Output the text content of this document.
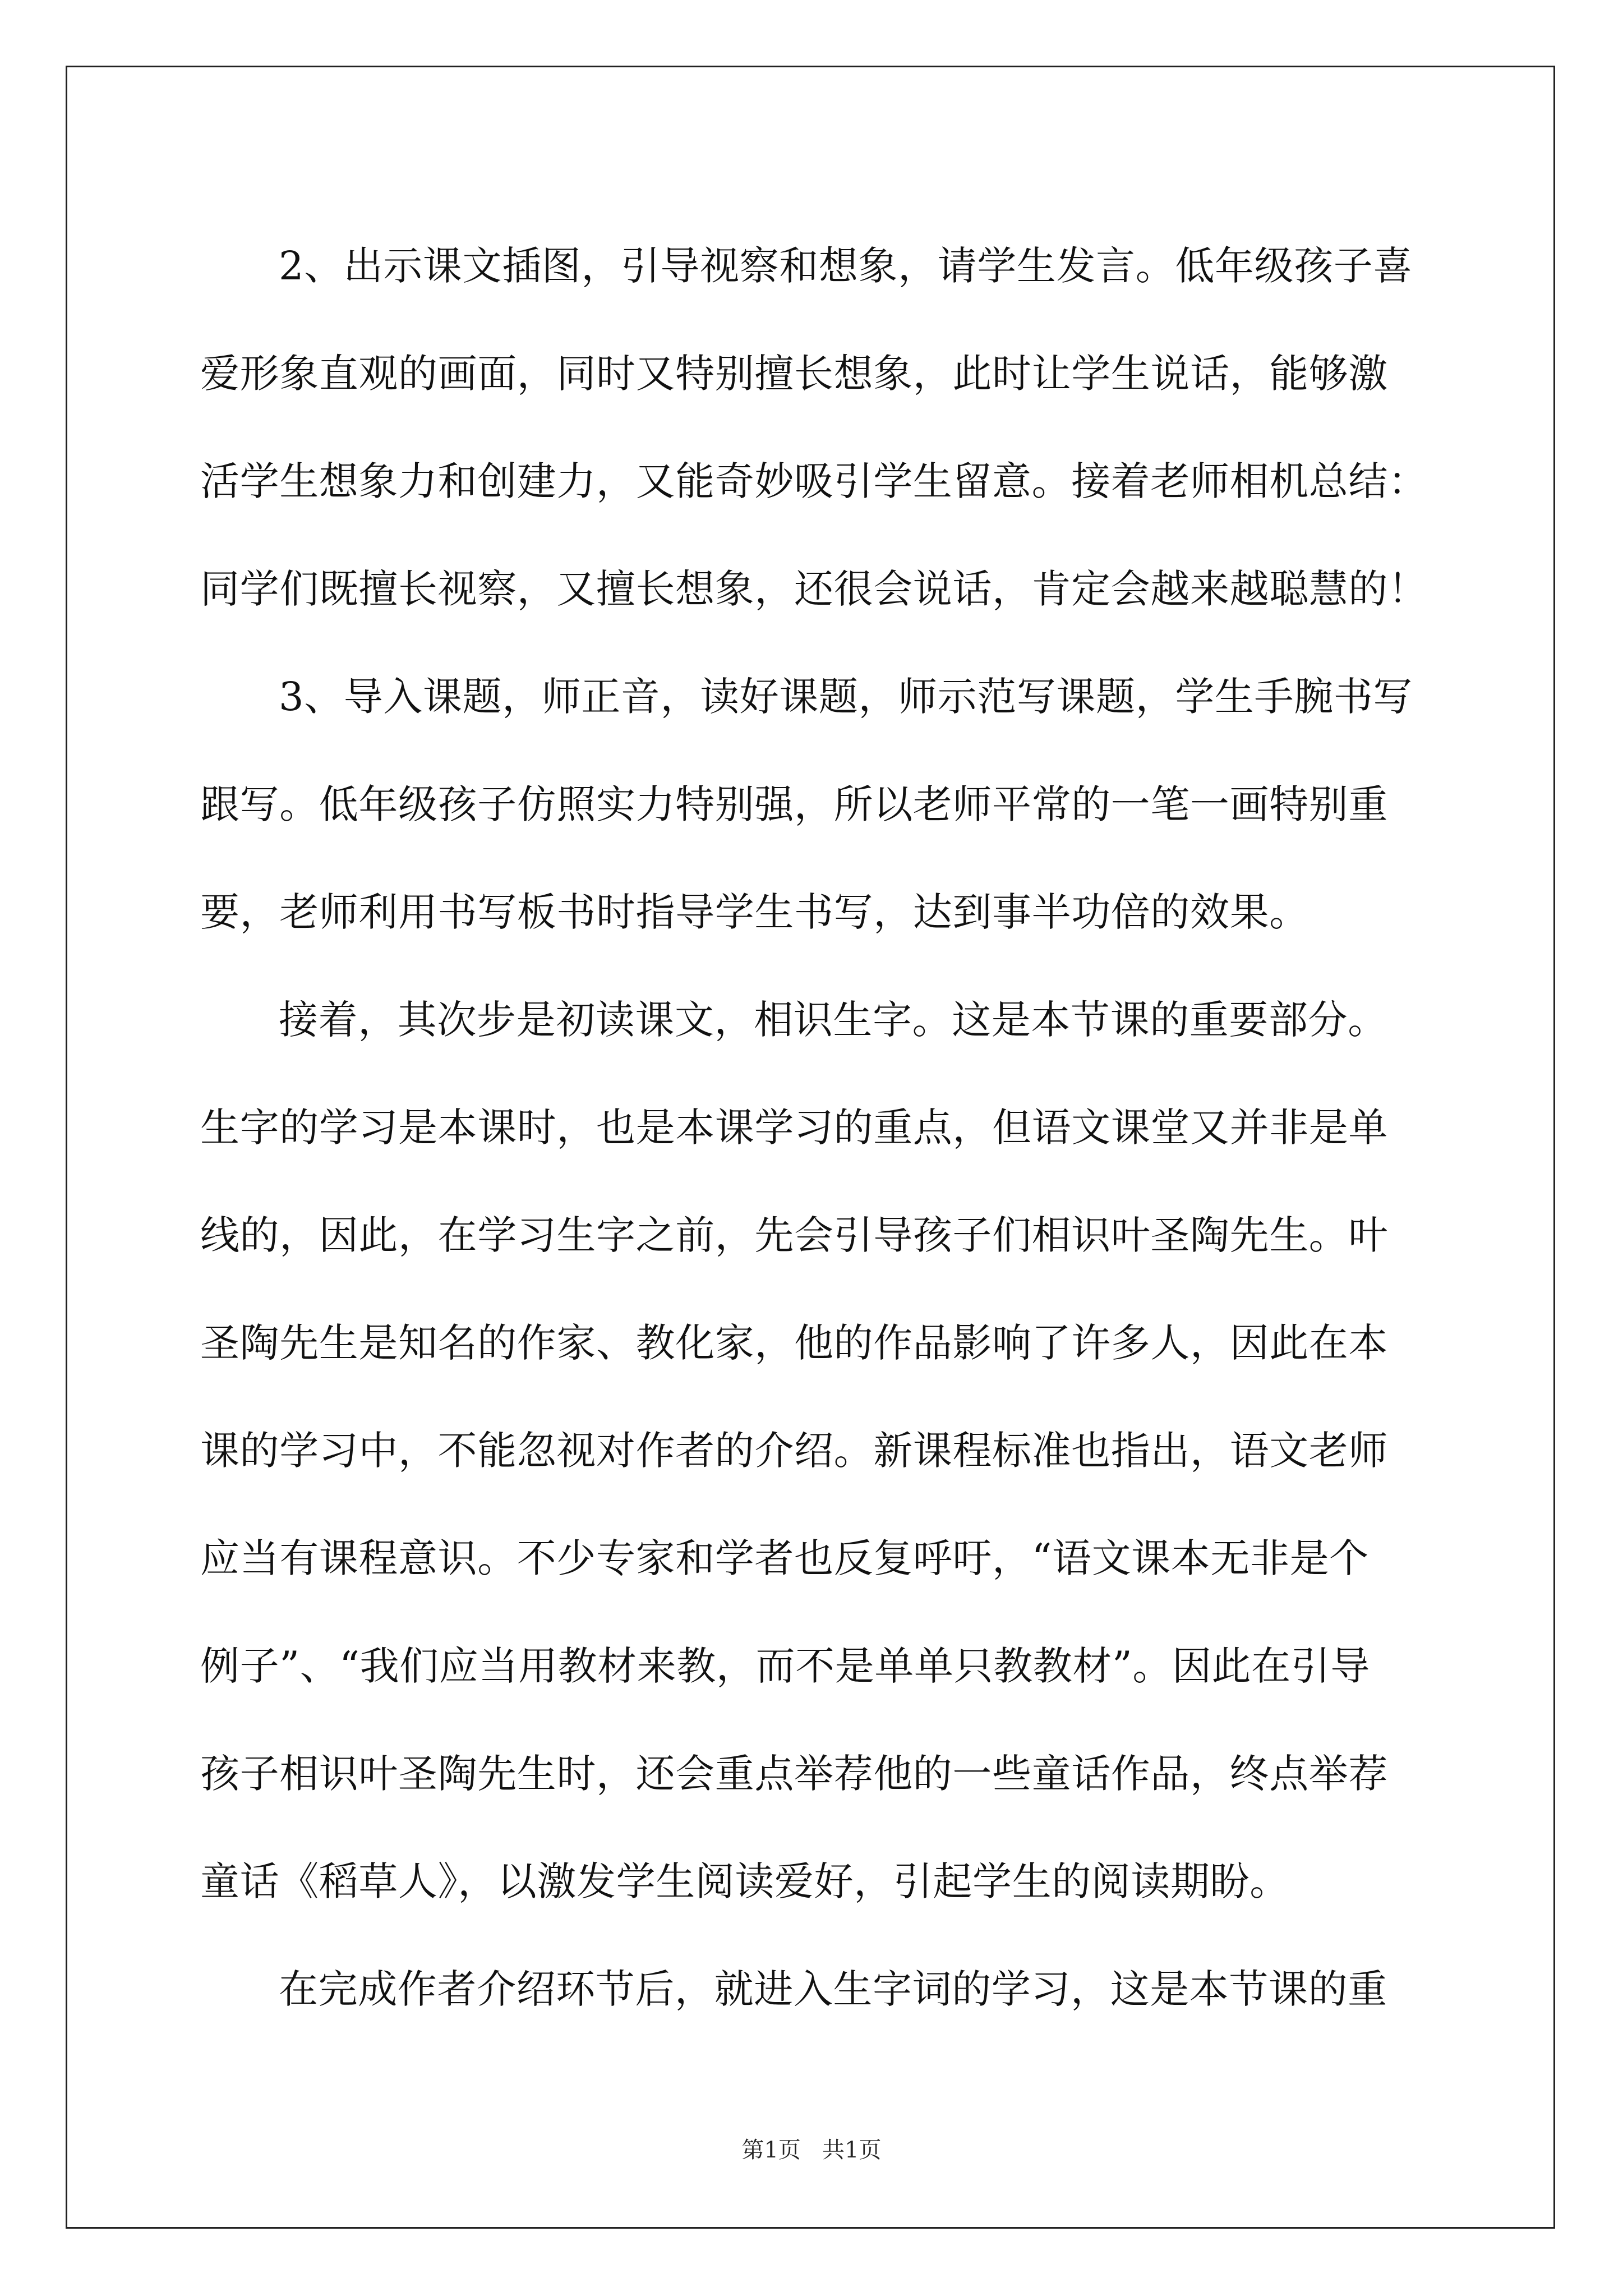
2、出示课文插图，引导视察和想象，请学生发言。低年级孩子喜
爱形象直观的画面，同时又特别擅长想象，此时让学生说话，能够激
活学生想象力和创建力，又能奇妙吸引学生留意。接着老师相机总结：
同学们既擅长视察，又擅长想象，还很会说话，肯定会越来越聪慧的！
3、导入课题，师正音，读好课题，师示范写课题，学生手腕书写
跟写。低年级孩子仿照实力特别强，所以老师平常的一笔一画特别重
要，老师利用书写板书时指导学生书写，达到事半功倍的效果。
接着，其次步是初读课文，相识生字。这是本节课的重要部分。
生字的学习是本课时，也是本课学习的重点，但语文课堂又并非是单
线的，因此，在学习生字之前，先会引导孩子们相识叶圣陶先生。叶
圣陶先生是知名的作家、教化家，他的作品影响了许多人，因此在本
课的学习中，不能忽视对作者的介绍。新课程标准也指出，语文老师
应当有课程意识。不少专家和学者也反复呼吁，“语文课本无非是个
例子”、“我们应当用教材来教，而不是单单只教教材”。因此在引导
孩子相识叶圣陶先生时，还会重点举荐他的一些童话作品，终点举荐
童话《稻草人》，以激发学生阅读爱好，引起学生的阅读期盼。
在完成作者介绍环节后，就进入生字词的学习，这是本节课的重
第1页   共1页
